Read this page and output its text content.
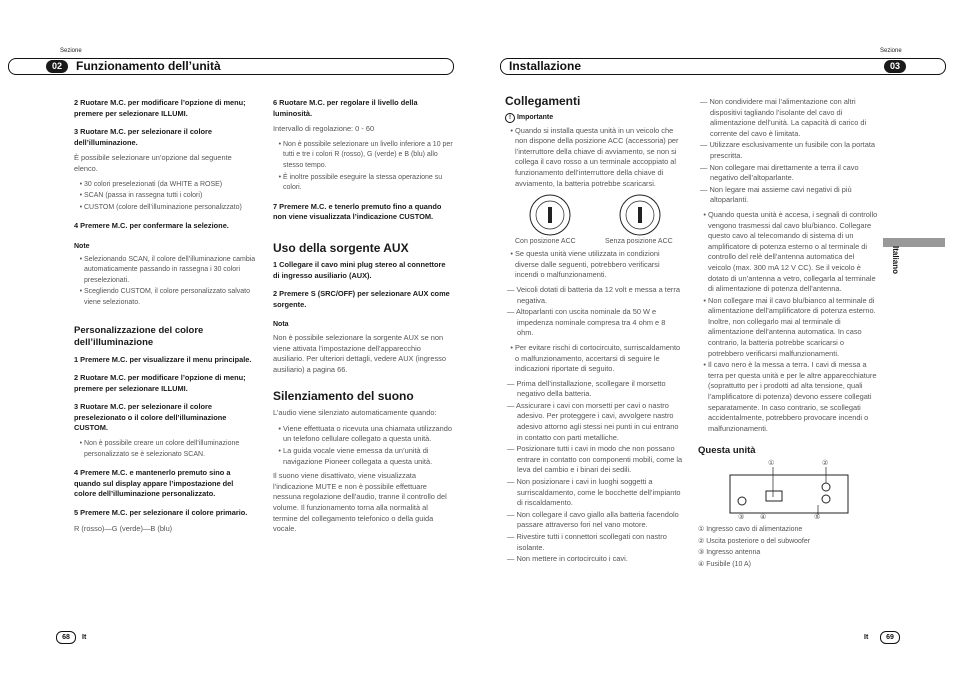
Sezione
02	Funzionamento dell’unità
Sezione
03
Installazione

2 Ruotare M.C. per modificare l’opzione di menu; premere per selezionare ILLUMI.

3 Ruotare M.C. per selezionare il colore dell’illuminazione.

È possibile selezionare un’opzione dal seguente elenco.

• 30 colori preselezionati (da WHITE a ROSE)
• SCAN (passa in rassegna tutti i colori)
• CUSTOM (colore dell’illuminazione personalizzato)

4 Premere M.C. per confermare la selezione.

Note

• Selezionando SCAN, il colore dell’illuminazione cambia automaticamente passando in rassegna i 30 colori preselezionati.
• Scegliendo CUSTOM, il colore personalizzato salvato viene selezionato.

Personalizzazione del colore dell’illuminazione

1 Premere M.C. per visualizzare il menu principale.

2 Ruotare M.C. per modificare l’opzione di menu; premere per selezionare ILLUMI.

3 Ruotare M.C. per selezionare il colore preselezionato o il colore dell’illuminazione CUSTOM.

• Non è possibile creare un colore dell’illuminazione personalizzato se è selezionato SCAN.

4 Premere M.C. e mantenerlo premuto sino a quando sul display appare l’impostazione del colore dell’illuminazione personalizzato.

5 Premere M.C. per selezionare il colore primario.

R (rosso)—G (verde)—B (blu)

6 Ruotare M.C. per regolare il livello della luminosità.

Intervallo di regolazione: 0 - 60

• Non è possibile selezionare un livello inferiore a 10 per tutti e tre i colori R (rosso), G (verde) e B (blu) allo stesso tempo.
• È inoltre possibile eseguire la stessa operazione su colori.

7 Premere M.C. e tenerlo premuto fino a quando non viene visualizzata l’indicazione CUSTOM.

Uso della sorgente AUX

1 Collegare il cavo mini plug stereo al connettore di ingresso ausiliario (AUX).

2 Premere S (SRC/OFF) per selezionare AUX come sorgente.

Nota

Non è possibile selezionare la sorgente AUX se non viene attivata l’impostazione dell’apparecchio ausiliario. Per ulteriori dettagli, vedere AUX (ingresso ausiliario) a pagina 66.

Silenziamento del suono

L’audio viene silenziato automaticamente quando:

• Viene effettuata o ricevuta una chiamata utilizzando un telefono cellulare collegato a questa unità.
• La guida vocale viene emessa da un’unità di navigazione Pioneer collegata a questa unità.

Il suono viene disattivato, viene visualizzata l’indicazione MUTE e non è possibile effettuare nessuna regolazione dell’audio, tranne il controllo del volume. Il funzionamento torna alla normalità al termine del collegamento telefonico o della guida vocale.

Collegamenti

! Importante

• Quando si installa questa unità in un veicolo che non dispone della posizione ACC (accessoria) per l’interruttore della chiave di avviamento, se non si collega il cavo rosso a un terminale accoppiato al funzionamento dell’interruttore della chiave di avviamento, la batteria potrebbe scaricarsi.
Con posizione ACC	Senza posizione ACC
• Se questa unità viene utilizzata in condizioni diverse dalle seguenti, potrebbero verificarsi incendi o malfunzionamenti.
— Veicoli dotati di batteria da 12 volt e messa a terra negativa.
— Altoparlanti con uscita nominale da 50 W e impedenza nominale compresa tra 4 ohm e 8 ohm.
• Per evitare rischi di cortocircuito, surriscaldamento o malfunzionamento, accertarsi di seguire le indicazioni riportate di seguito.
— Prima dell’installazione, scollegare il morsetto negativo della batteria.
— Assicurare i cavi con morsetti per cavi o nastro adesivo. Per proteggere i cavi, avvolgere nastro adesivo attorno agli stessi nei punti in cui entrano in contatto con parti metalliche.
— Posizionare tutti i cavi in modo che non possano entrare in contatto con componenti mobili, come la leva del cambio e i binari dei sedili.
— Non posizionare i cavi in luoghi soggetti a surriscaldamento, come le bocchette dell’impianto di riscaldamento.
— Non collegare il cavo giallo alla batteria facendolo passare attraverso fori nel vano motore.
— Rivestire tutti i connettori scollegati con nastro isolante.
— Non mettere in cortocircuito i cavi.
— Non condividere mai l’alimentazione con altri dispositivi tagliando l’isolante del cavo di alimentazione dell’unità. La capacità di carico di corrente del cavo è limitata.
— Utilizzare esclusivamente un fusibile con la portata prescritta.
— Non collegare mai direttamente a terra il cavo negativo dell’altoparlante.
— Non legare mai assieme cavi negativi di più altoparlanti.
• Quando questa unità è accesa, i segnali di controllo vengono trasmessi dal cavo blu/bianco. Collegare questo cavo al telecomando di sistema di un amplificatore di potenza esterno o al terminale di controllo del relè dell’antenna automatica del veicolo (max. 300 mA 12 V CC). Se il veicolo è dotato di un’antenna a vetro, collegarla al terminale di alimentazione di potenza dell’antenna.
• Non collegare mai il cavo blu/bianco al terminale di alimentazione dell’amplificatore di potenza esterno. Inoltre, non collegarlo mai al terminale di alimentazione dell’antenna automatica. In caso contrario, la batteria potrebbe scaricarsi o potrebbero verificarsi malfunzionamenti.
• Il cavo nero è la messa a terra. I cavi di messa a terra per questa unità e per le altre apparecchiature (soprattutto per i prodotti ad alta tensione, quali l’amplificatore di potenza) devono essere collegati separatamente. In caso contrario, se scollegati accidentalmente, potrebbero provocare incendi o malfunzionamenti.

Questa unità

①	②
③ ④	⑤

① Ingresso cavo di alimentazione

② Uscita posteriore o del subwoofer

③ Ingresso antenna

④ Fusibile (10 A)

Italiano
68	It	It	69
